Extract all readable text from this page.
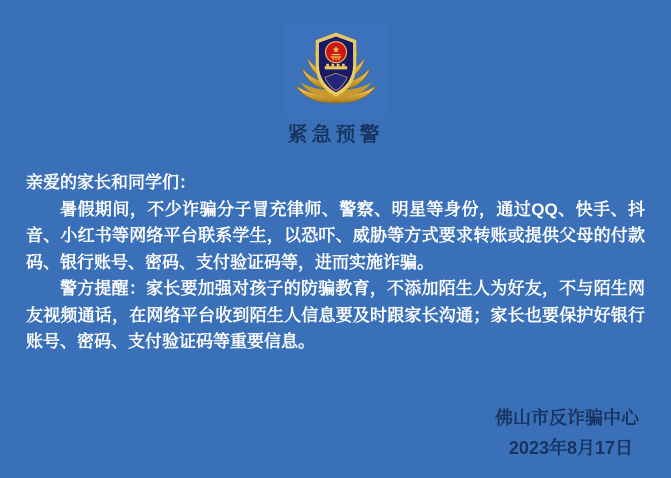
紧急预警

亲爱的家长和同学们：

暑假期间，不少诈骗分子冒充律师、警察、明星等身份，通过QQ、快手、抖音、小红书等网络平台联系学生，以恐吓、威胁等方式要求转账或提供父母的付款码、银行账号、密码、支付验证码等，进而实施诈骗。

警方提醒：家长要加强对孩子的防骗教育，不添加陌生人为好友，不与陌生网友视频通话，在网络平台收到陌生人信息要及时跟家长沟通；家长也要保护好银行账号、密码、支付验证码等重要信息。

佛山市反诈骗中心

2023年8月17日
